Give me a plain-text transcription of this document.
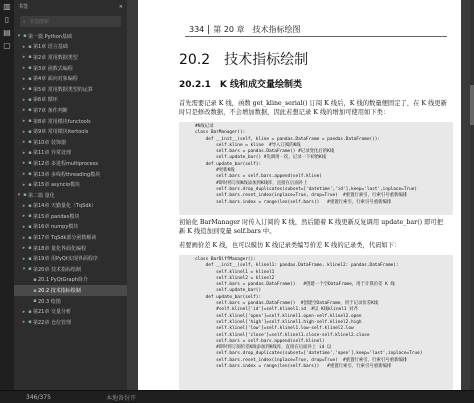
▥
▯
▤
▢
书签	×
⌕
书签搜索
▾ ▪ 第一篇 Python基础
▸ ▪ 第1章 语言基础
▸ ▪ 第2章 常用数据类型
▸ ▪ 第3章 函数式编程
▸ ▪ 第4章 面向对象编程
▸ ▪ 第5章 常用数据类型的运算
▸ ▪ 第6章 循环
▸ ▪ 第7章 条件判断
▸ ▪ 第8章 常用模块functools
▸ ▪ 第9章 常用模块itertools
▸ ▪ 第10章 装饰器
▸ ▪ 第11章 异常处理
▸ ▪ 第12章 多进程multiprocess
▸ ▪ 第13章 多线程threading模块
▸ ▪ 第15章 asyncio模块
▾ ▪ 第二篇 量化
▸ ▪ 第14章 天勤量化（TqSdk）
▸ ▪ 第15章 pandas模块
▸ ▪ 第16章 numpy模块
▸ ▪ 第17章 TqSdk部分函数解读
▸ ▪ 第18章 量化界面化编程
▸ ▪ 第19章 用PyQt实现界面程序
▾ ▪ 第20章 技术指标绘制
▪ 20.1 PyQtGraph简介
▪ 20.2 技术指标绘制
▪ 20.3 绘图
▸ ▪ 第21章 交量分析
▸ ▪ 第22章 仓位管理
334	第 20 章　技术指标绘图
20.2　技术指标绘制
20.2.1　K 线和成交量绘制类
首先需要记录 K 线，函数 get_kline_serial() 订阅 K 线后，K 线的数量便固定了，在 K 线更新时只是修改数据，不会增加数据，因此若想记录 K 线的增加可使用如下类：
#K线记录
class BarManager():
def __init__(self, kline = pandas.DataFrame = pandas.DataFrame()):
self.kline = kline  #导入订阅的K线
self.bars = pandas.DataFrame() #记录变化后的K线
self.update_bar() #先调用一次，记录一下初始K线
def update_bar(self):
#更新K线
self.bars = self.bars.append(self.kline)
#即时将订阅K线添加到K线库，直接在后面补上
self.bars.drop_duplicates(subset=['datetime','id'],keep='last',inplace=True)
self.bars.reset_index(inplace=True, drop=True)  #重置行索引，行索引号重新编排
self.bars.index = range(len(self.bars))   #重置行索引，行索引号重新编排
初始化 BarManager 时传入订阅的 K 线，然后随着 K 线更新反复调用 update_bar() 即可把新 K 线追加到变量 self.bars 中。
若要画价差 K 线，也可以模仿 K 线记录类编写价差 K 线的记录类，代码如下：
class BarDiffManager():
def __init__(self, klinel1: pandas.DataFrame, klinel2: pandas.DataFrame):
self.klinel1 = klinel1
self.klinel2 = klinel2
self.bars = pandas.DataFrame()   #创建一个空DataFrame，用于计算价差 K 线
self.update_bar()
def update_bar(self):
self.bars = pandas.DataFrame()  #创建空DataFrame，用于记录价差K线
#self.klinel['id']=self.klinel1.id  #以 K线klinel1 对齐
self.klinel['open']=self.klinel1.open-self.klinel2.open
self.klinel['high']=self.klinel1.high-self.klinel2.high
self.klinel['low']=self.klinel1.low-self.klinel2.low
self.klinel['close']=self.klinel1.close-self.klinel2.close
self.bars = self.bars.append(self.klinel)
#即时将订阅价差K线添加到K线库，直接在后面补上 id 以
self.bars.drop_duplicates(subset=['datetime','open'],keep='last',inplace=True)
self.bars.reset_index(inplace=True, drop=True)  #重置行索引，行索引号重新编排
self.bars.index = range(len(self.bars))   #重置行索引，行索引号重新编排
346/375	本地备份开
